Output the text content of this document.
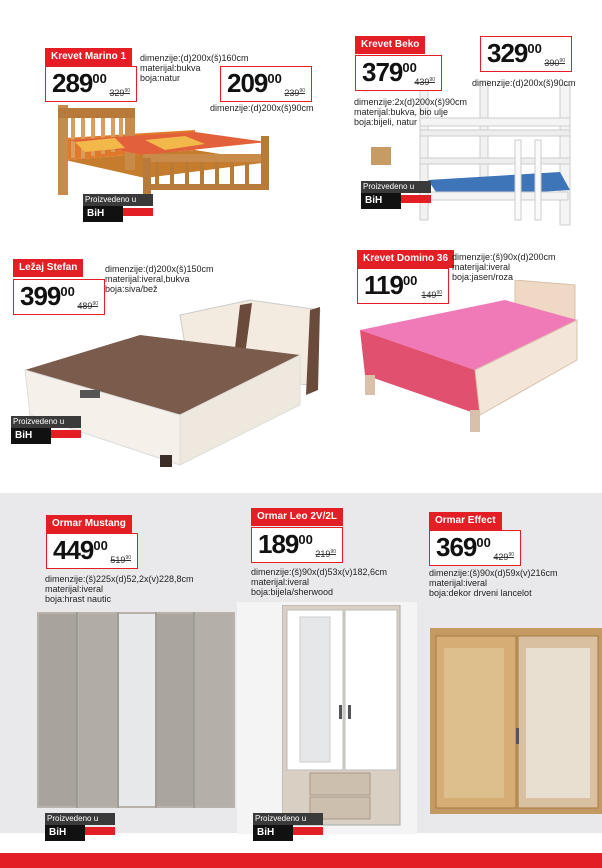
Krevet Marino 1
$289^{00}$
$329^{90}$
dimenzije:(d)200x(š)160cm
materijal:bukva
boja:natur	$209^{00}$
$239^{90}$
dimenzije:(d)200x(š)90cm
Proizvedeno u
BiH
Krevet Beko
$379^{00}$
$439^{90}$
$329^{00}$
$390^{90}$
dimenzije:(d)200x(š)90cm
dimenzije:2x(d)200x(š)90cm
materijal:bukva, bio ulje
boja:bijeli, natur
Proizvedeno u
BiH
Ležaj Stefan
$399^{00}$
$489^{90}$
dimenzije:(d)200x(š)150cm
materijal:iveral,bukva
boja:siva/bež
Proizvedeno u
BiH
Krevet Domino 36
$119^{00}$
$149^{90}$
dimenzije:(š)90x(d)200cm
materijal:iveral
boja:jasen/roza
Ormar Mustang
$449^{00}$
$519^{90}$
dimenzije:(š)225x(d)52,2x(v)228,8cm
materijal:iveral
boja:hrast nautic
Proizvedeno u
BiH
Ormar Leo 2V/2L
$189^{00}$
$219^{90}$
dimenzije:(š)90x(d)53x(v)182,6cm
materijal:iveral
boja:bijela/sherwood
Proizvedeno u
BiH
Ormar Effect
$369^{00}$
$429^{90}$
dimenzije:(š)90x(d)59x(v)216cm
materijal:iveral
boja:dekor drveni lancelot
